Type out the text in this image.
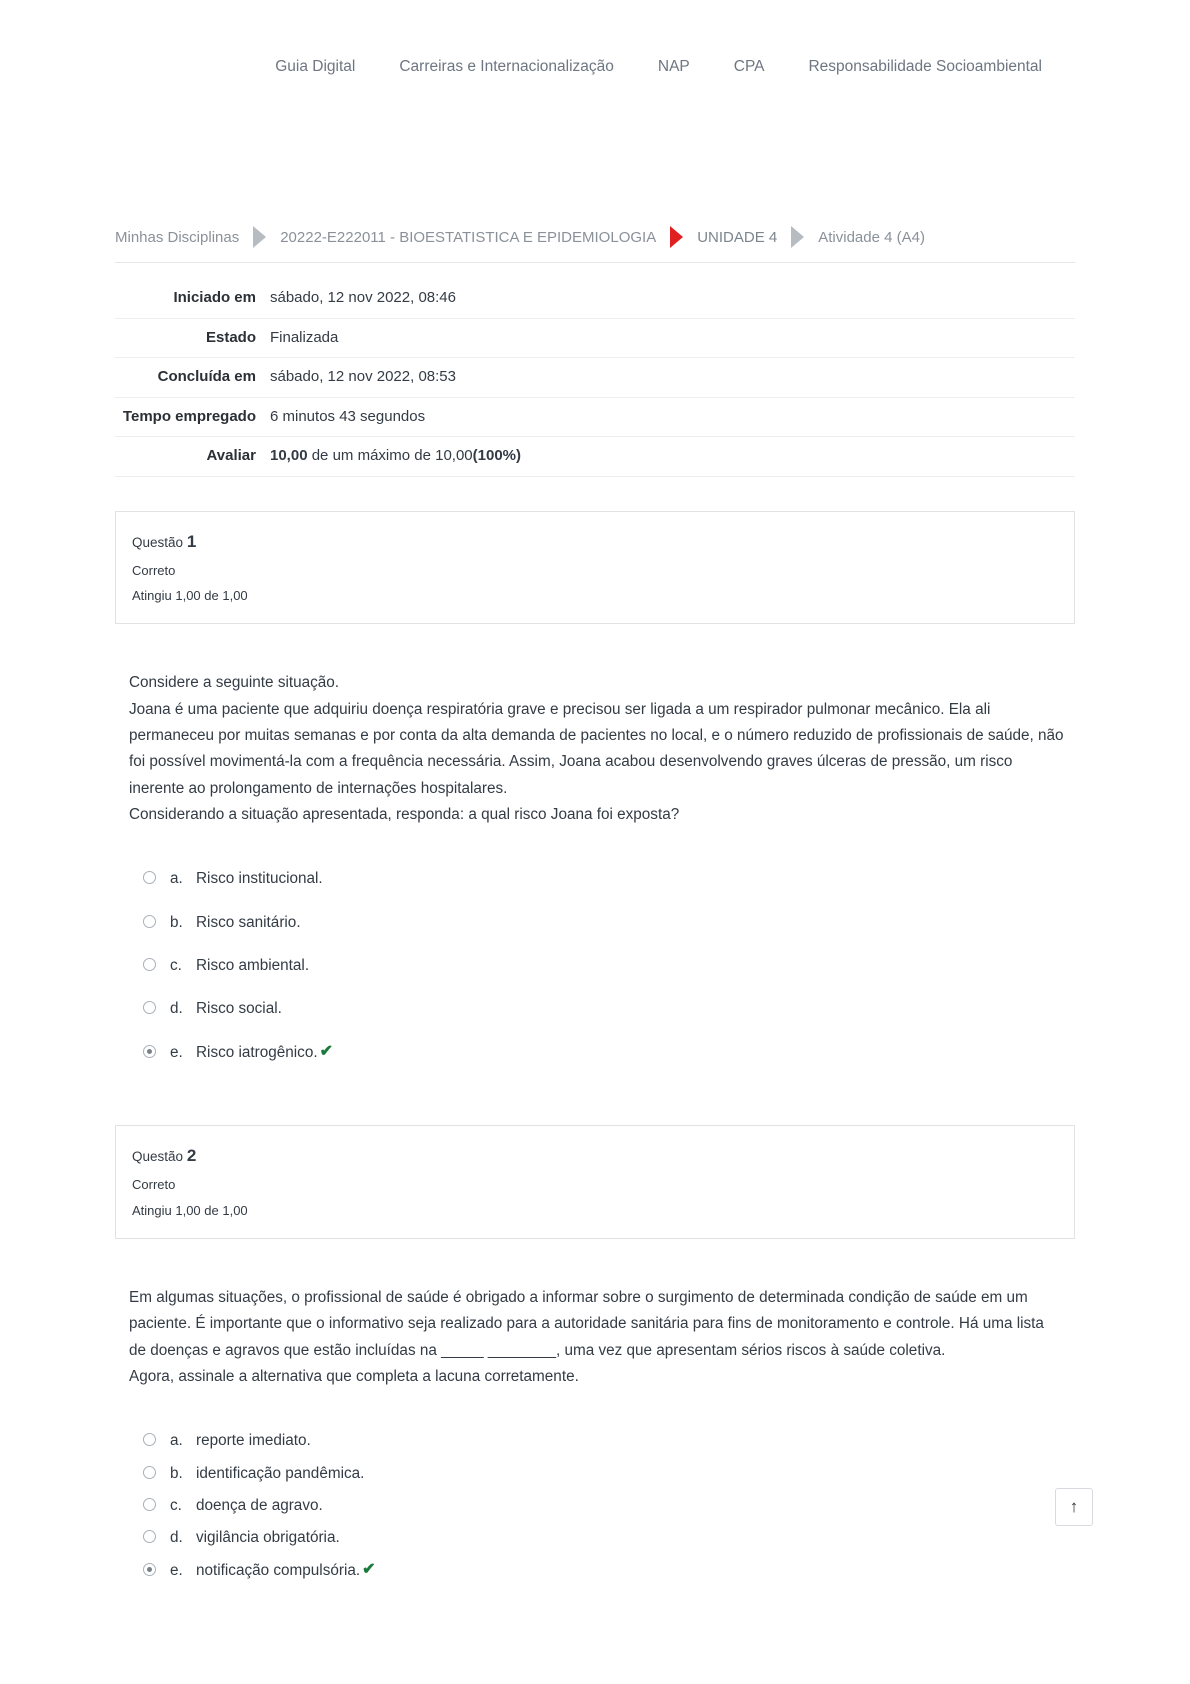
Guia Digital	Carreiras e Internacionalização	NAP	CPA	Responsabilidade Socioambiental
Minhas Disciplinas	20222-E222011 - BIOESTATISTICA E EPIDEMIOLOGIA	UNIDADE 4	Atividade 4 (A4)
Iniciado em	sábado, 12 nov 2022, 08:46
Estado	Finalizada
Concluída em	sábado, 12 nov 2022, 08:53
Tempo empregado	6 minutos 43 segundos
Avaliar	10,00 de um máximo de 10,00(100%)
Questão 1
Correto
Atingiu 1,00 de 1,00

Considere a seguinte situação.

Joana é uma paciente que adquiriu doença respiratória grave e precisou ser ligada a um respirador pulmonar mecânico. Ela ali permaneceu por muitas semanas e por conta da alta demanda de pacientes no local, e o número reduzido de profissionais de saúde, não foi possível movimentá-la com a frequência necessária. Assim, Joana acabou desenvolvendo graves úlceras de pressão, um risco inerente ao prolongamento de internações hospitalares.

Considerando a situação apresentada, responda: a qual risco Joana foi exposta?

a. Risco institucional.
b. Risco sanitário.
c. Risco ambiental.
d. Risco social.
e. Risco iatrogênico. ✔
Questão 2
Correto
Atingiu 1,00 de 1,00

Em algumas situações, o profissional de saúde é obrigado a informar sobre o surgimento de determinada condição de saúde em um paciente. É importante que o informativo seja realizado para a autoridade sanitária para fins de monitoramento e controle. Há uma lista de doenças e agravos que estão incluídas na _____ ________, uma vez que apresentam sérios riscos à saúde coletiva.

Agora, assinale a alternativa que completa a lacuna corretamente.

a. reporte imediato.
b. identificação pandêmica.
c. doença de agravo.
d. vigilância obrigatória.
e. notificação compulsória. ✔
↑
